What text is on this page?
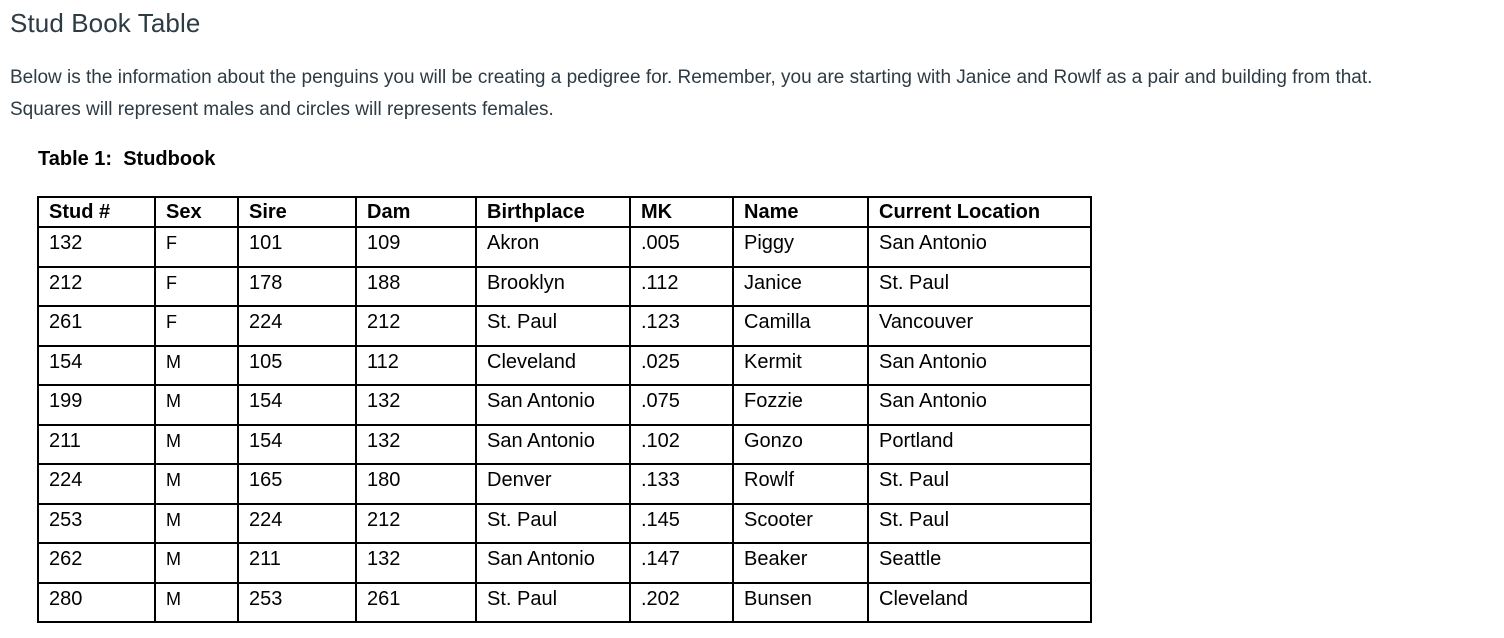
Stud Book Table

Below is the information about the penguins you will be creating a pedigree for. Remember, you are starting with Janice and Rowlf as a pair and building from that.

Squares will represent males and circles will represents females.

Table 1:  Studbook
Stud #	Sex	Sire	Dam	Birthplace	MK	Name	Current Location
132	F	101	109	Akron	.005	Piggy	San Antonio
212	F	178	188	Brooklyn	.112	Janice	St. Paul
261	F	224	212	St. Paul	.123	Camilla	Vancouver
154	M	105	112	Cleveland	.025	Kermit	San Antonio
199	M	154	132	San Antonio	.075	Fozzie	San Antonio
211	M	154	132	San Antonio	.102	Gonzo	Portland
224	M	165	180	Denver	.133	Rowlf	St. Paul
253	M	224	212	St. Paul	.145	Scooter	St. Paul
262	M	211	132	San Antonio	.147	Beaker	Seattle
280	M	253	261	St. Paul	.202	Bunsen	Cleveland
